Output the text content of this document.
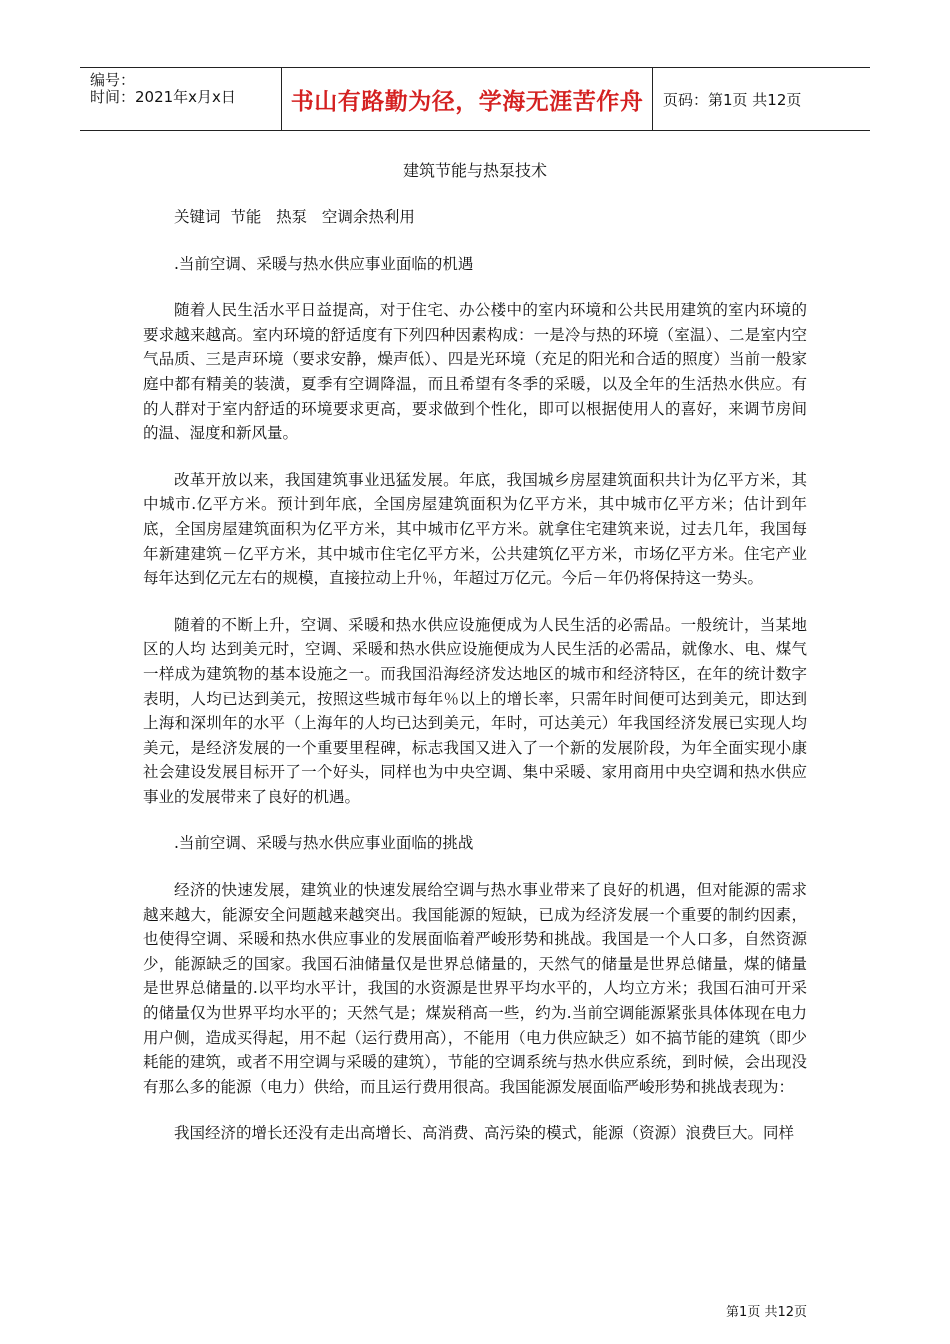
编号：
时间：2021年x月x日	书山有路勤为径，学海无涯苦作舟	页码：第1页 共12页
建筑节能与热泵技术
关键词  节能   热泵   空调余热利用
.当前空调、采暖与热水供应事业面临的机遇

随着人民生活水平日益提高，对于住宅、办公楼中的室内环境和公共民用建筑的室内环境的要求越来越高。室内环境的舒适度有下列四种因素构成：一是冷与热的环境（室温）、二是室内空气品质、三是声环境（要求安静，燥声低）、四是光环境（充足的阳光和合适的照度）当前一般家庭中都有精美的装潢，夏季有空调降温，而且希望有冬季的采暖，以及全年的生活热水供应。有的人群对于室内舒适的环境要求更高，要求做到个性化，即可以根据使用人的喜好，来调节房间的温、湿度和新风量。

改革开放以来，我国建筑事业迅猛发展。年底，我国城乡房屋建筑面积共计为亿平方米，其中城市.亿平方米。预计到年底，全国房屋建筑面积为亿平方米，其中城市亿平方米；估计到年底，全国房屋建筑面积为亿平方米，其中城市亿平方米。就拿住宅建筑来说，过去几年，我国每年新建建筑－亿平方米，其中城市住宅亿平方米，公共建筑亿平方米，市场亿平方米。住宅产业每年达到亿元左右的规模，直接拉动上升％，年超过万亿元。今后－年仍将保持这一势头。

随着的不断上升，空调、采暖和热水供应设施便成为人民生活的必需品。一般统计，当某地区的人均 达到美元时，空调、采暖和热水供应设施便成为人民生活的必需品，就像水、电、煤气一样成为建筑物的基本设施之一。而我国沿海经济发达地区的城市和经济特区，在年的统计数字表明，人均已达到美元，按照这些城市每年％以上的增长率，只需年时间便可达到美元，即达到上海和深圳年的水平（上海年的人均已达到美元，年时，可达美元）年我国经济发展已实现人均美元，是经济发展的一个重要里程碑，标志我国又进入了一个新的发展阶段，为年全面实现小康社会建设发展目标开了一个好头，同样也为中央空调、集中采暖、家用商用中央空调和热水供应事业的发展带来了良好的机遇。

.当前空调、采暖与热水供应事业面临的挑战

经济的快速发展，建筑业的快速发展给空调与热水事业带来了良好的机遇，但对能源的需求越来越大，能源安全问题越来越突出。我国能源的短缺，已成为经济发展一个重要的制约因素，也使得空调、采暖和热水供应事业的发展面临着严峻形势和挑战。我国是一个人口多，自然资源少，能源缺乏的国家。我国石油储量仅是世界总储量的，天然气的储量是世界总储量，煤的储量是世界总储量的.以平均水平计，我国的水资源是世界平均水平的，人均立方米；我国石油可开采的储量仅为世界平均水平的；天然气是；煤炭稍高一些，约为.当前空调能源紧张具体体现在电力用户侧，造成买得起，用不起（运行费用高），不能用（电力供应缺乏）如不搞节能的建筑（即少耗能的建筑，或者不用空调与采暖的建筑），节能的空调系统与热水供应系统，到时候，会出现没有那么多的能源（电力）供给，而且运行费用很高。我国能源发展面临严峻形势和挑战表现为：

我国经济的增长还没有走出高增长、高消费、高污染的模式，能源（资源）浪费巨大。同样

第1页 共12页
